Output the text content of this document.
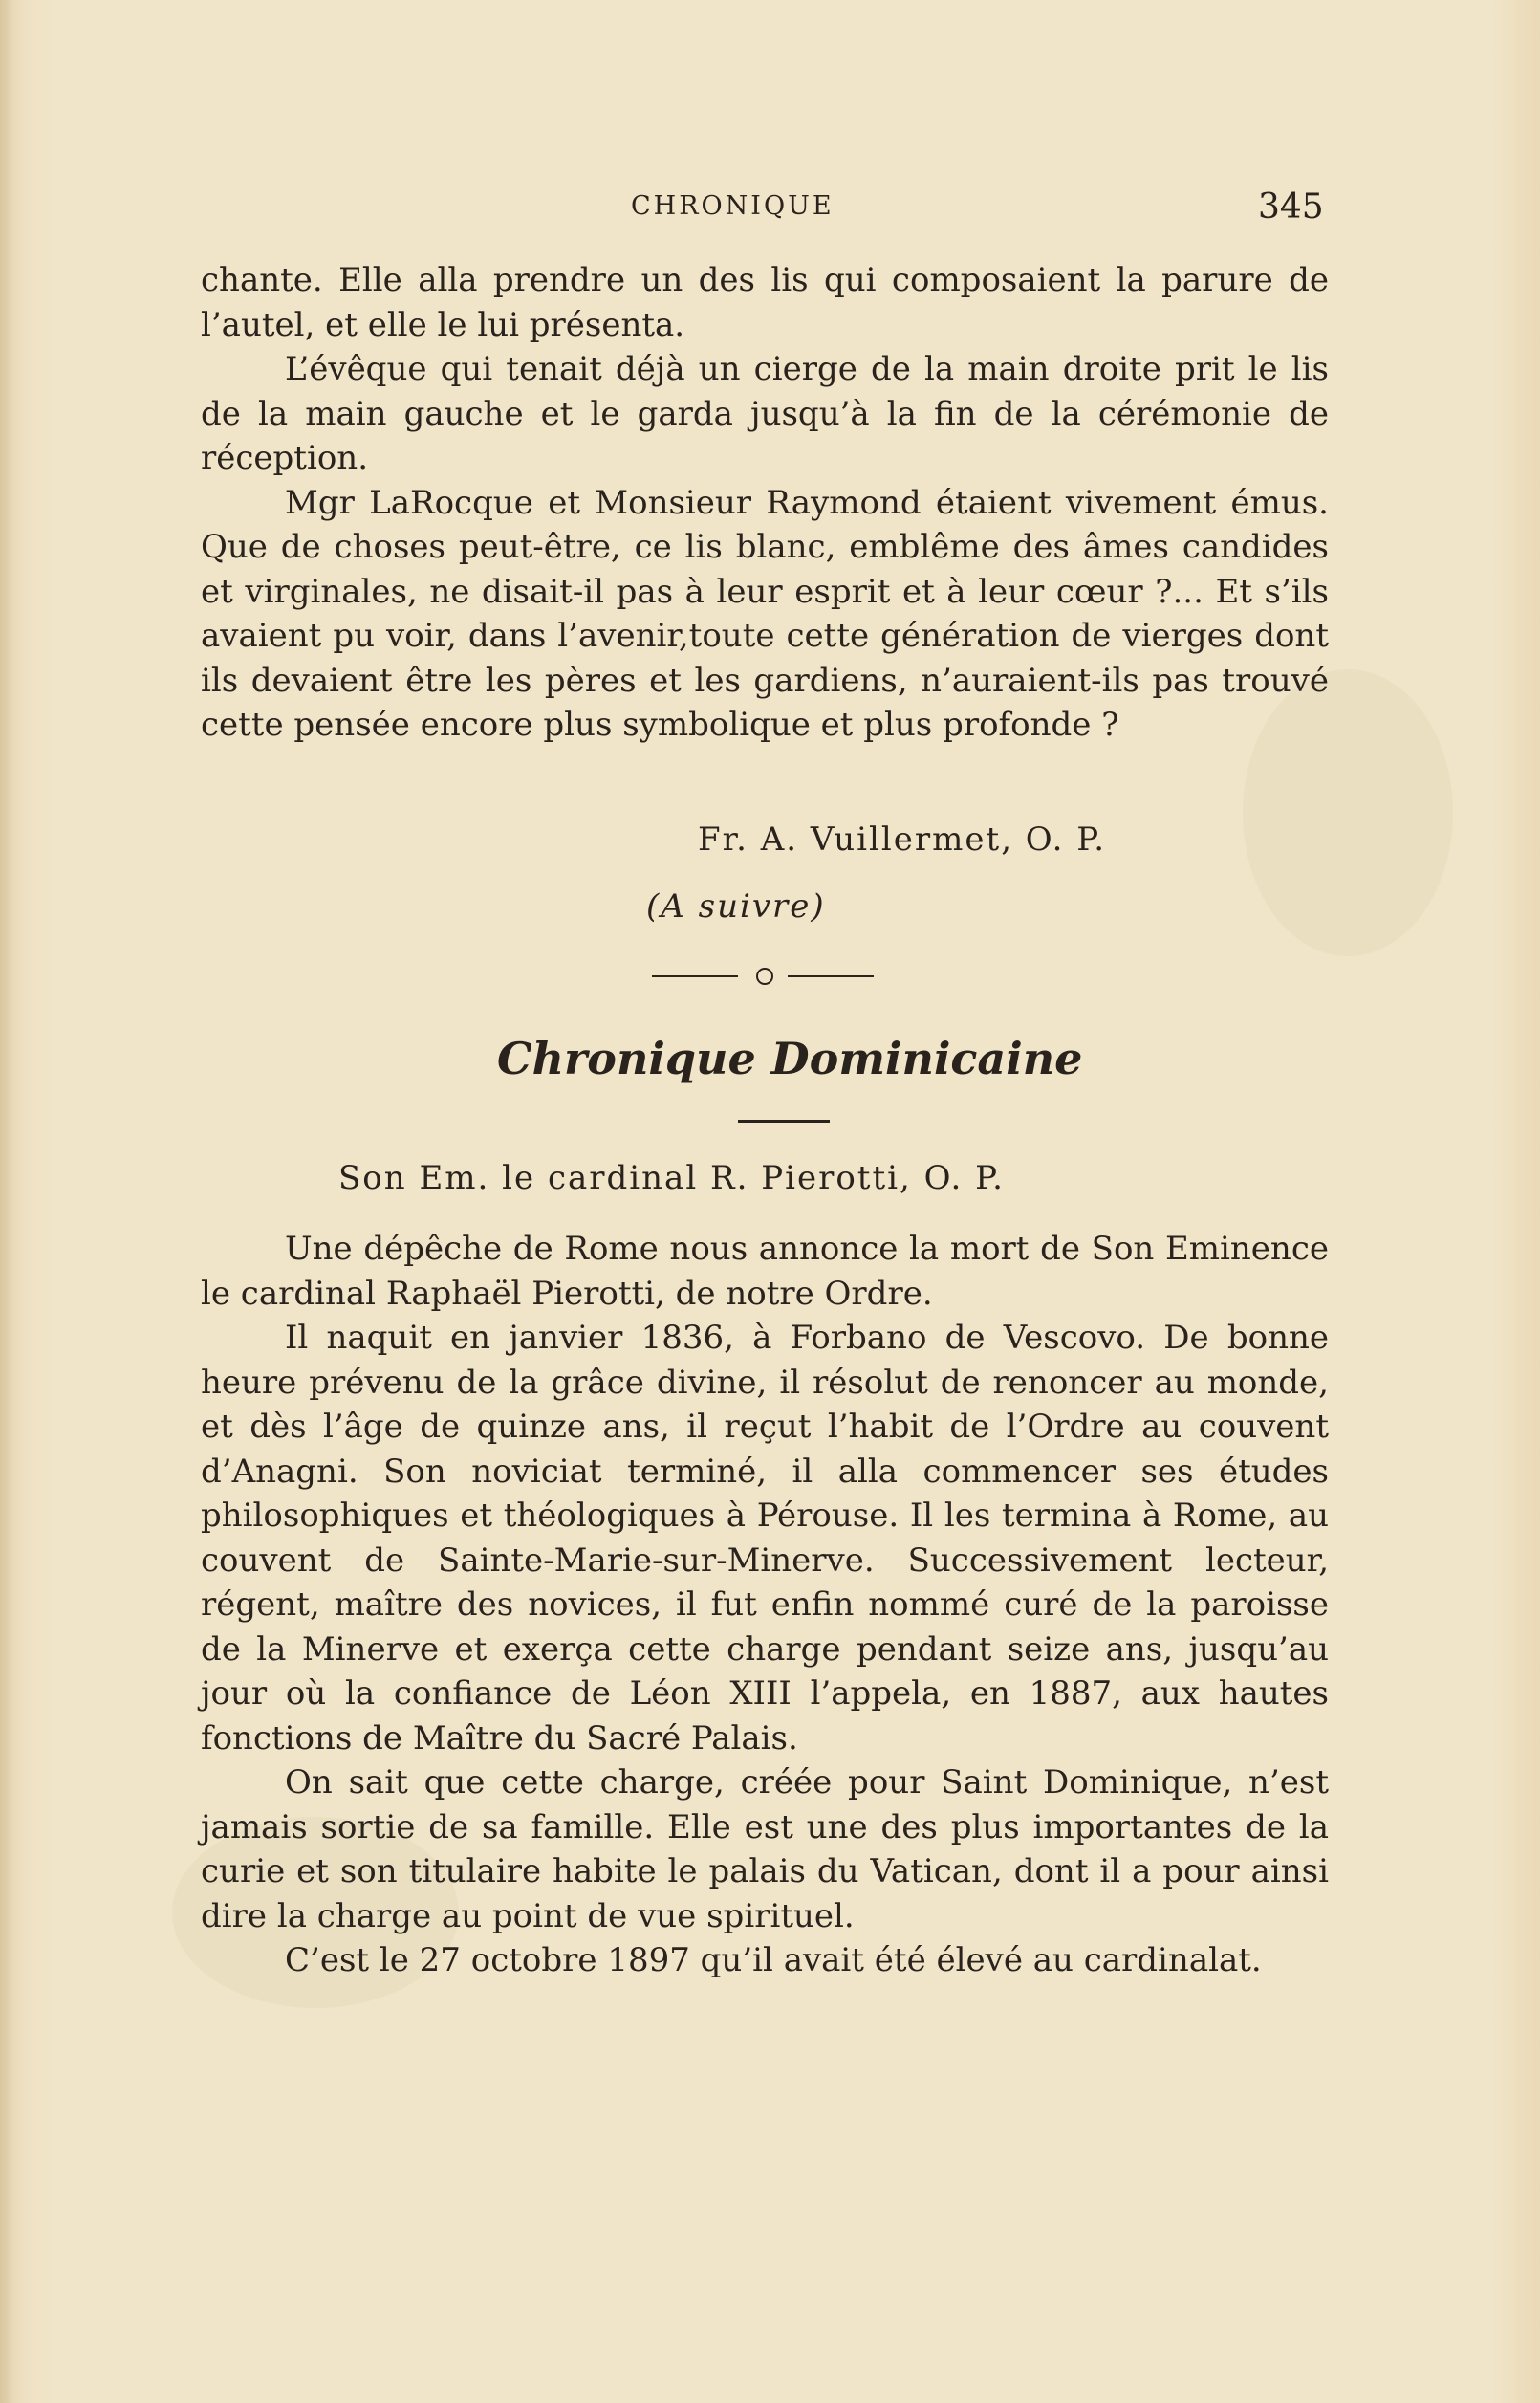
CHRONIQUE	345

chante. Elle alla prendre un des lis qui composaient la parure de l’autel, et elle le lui présenta.

L’évêque qui tenait déjà un cierge de la main droite prit le lis de la main gauche et le garda jusqu’à la fin de la cérémonie de réception.

Mgr LaRocque et Monsieur Raymond étaient vivement émus. Que de choses peut-être, ce lis blanc, emblême des âmes candides et virginales, ne disait-il pas à leur esprit et à leur cœur ?... Et s’ils avaient pu voir, dans l’avenir,toute cette génération de vierges dont ils devaient être les pères et les gardiens, n’auraient-ils pas trouvé cette pensée encore plus symbolique et plus profonde ?

Fr. A. Vuillermet, O. P.
(A suivre)
Chronique Dominicaine
Son Em. le cardinal R. Pierotti, O. P.

Une dépêche de Rome nous annonce la mort de Son Eminence le cardinal Raphaël Pierotti, de notre Ordre.

Il naquit en janvier 1836, à Forbano de Vescovo. De bonne heure prévenu de la grâce divine, il résolut de renoncer au monde, et dès l’âge de quinze ans, il reçut l’habit de l’Ordre au couvent d’Anagni. Son noviciat terminé, il alla commencer ses études philosophiques et théologiques à Pérouse. Il les termina à Rome, au couvent de Sainte-Marie-sur-Minerve. Successivement lecteur, régent, maître des novices, il fut enfin nommé curé de la paroisse de la Minerve et exerça cette charge pendant seize ans, jusqu’au jour où la confiance de Léon XIII l’appela, en 1887, aux hautes fonctions de Maître du Sacré Palais.

On sait que cette charge, créée pour Saint Dominique, n’est jamais sortie de sa famille. Elle est une des plus importantes de la curie et son titulaire habite le palais du Vatican, dont il a pour ainsi dire la charge au point de vue spirituel.

C’est le 27 octobre 1897 qu’il avait été élevé au cardinalat.
